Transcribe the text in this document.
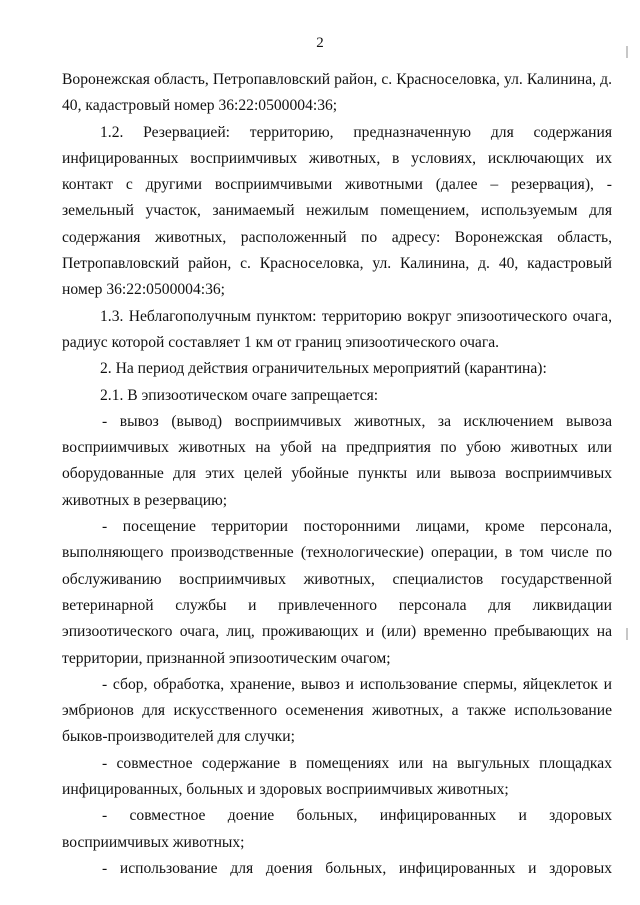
2

Воронежская область, Петропавловский район, с. Красноселовка, ул. Калинина, д. 40, кадастровый номер 36:22:0500004:36;

1.2. Резервацией: территорию, предназначенную для содержания инфицированных восприимчивых животных, в условиях, исключающих их контакт с другими восприимчивыми животными (далее – резервация), - земельный участок, занимаемый нежилым помещением, используемым для содержания животных, расположенный по адресу: Воронежская область, Петропавловский район, с. Красноселовка, ул. Калинина, д. 40, кадастровый номер 36:22:0500004:36;

1.3. Неблагополучным пунктом: территорию вокруг эпизоотического очага, радиус которой составляет 1 км от границ эпизоотического очага.

2. На период действия ограничительных мероприятий (карантина):

2.1. В эпизоотическом очаге запрещается:

- вывоз (вывод) восприимчивых животных, за исключением вывоза восприимчивых животных на убой на предприятия по убою животных или оборудованные для этих целей убойные пункты или вывоза восприимчивых животных в резервацию;

- посещение территории посторонними лицами, кроме персонала, выполняющего производственные (технологические) операции, в том числе по обслуживанию восприимчивых животных, специалистов государственной ветеринарной службы и привлеченного персонала для ликвидации эпизоотического очага, лиц, проживающих и (или) временно пребывающих на территории, признанной эпизоотическим очагом;

- сбор, обработка, хранение, вывоз и использование спермы, яйцеклеток и эмбрионов для искусственного осеменения животных, а также использование быков-производителей для случки;

- совместное содержание в помещениях или на выгульных площадках инфицированных, больных и здоровых восприимчивых животных;

- совместное доение больных, инфицированных и здоровых восприимчивых животных;

- использование для доения больных, инфицированных и здоровых
